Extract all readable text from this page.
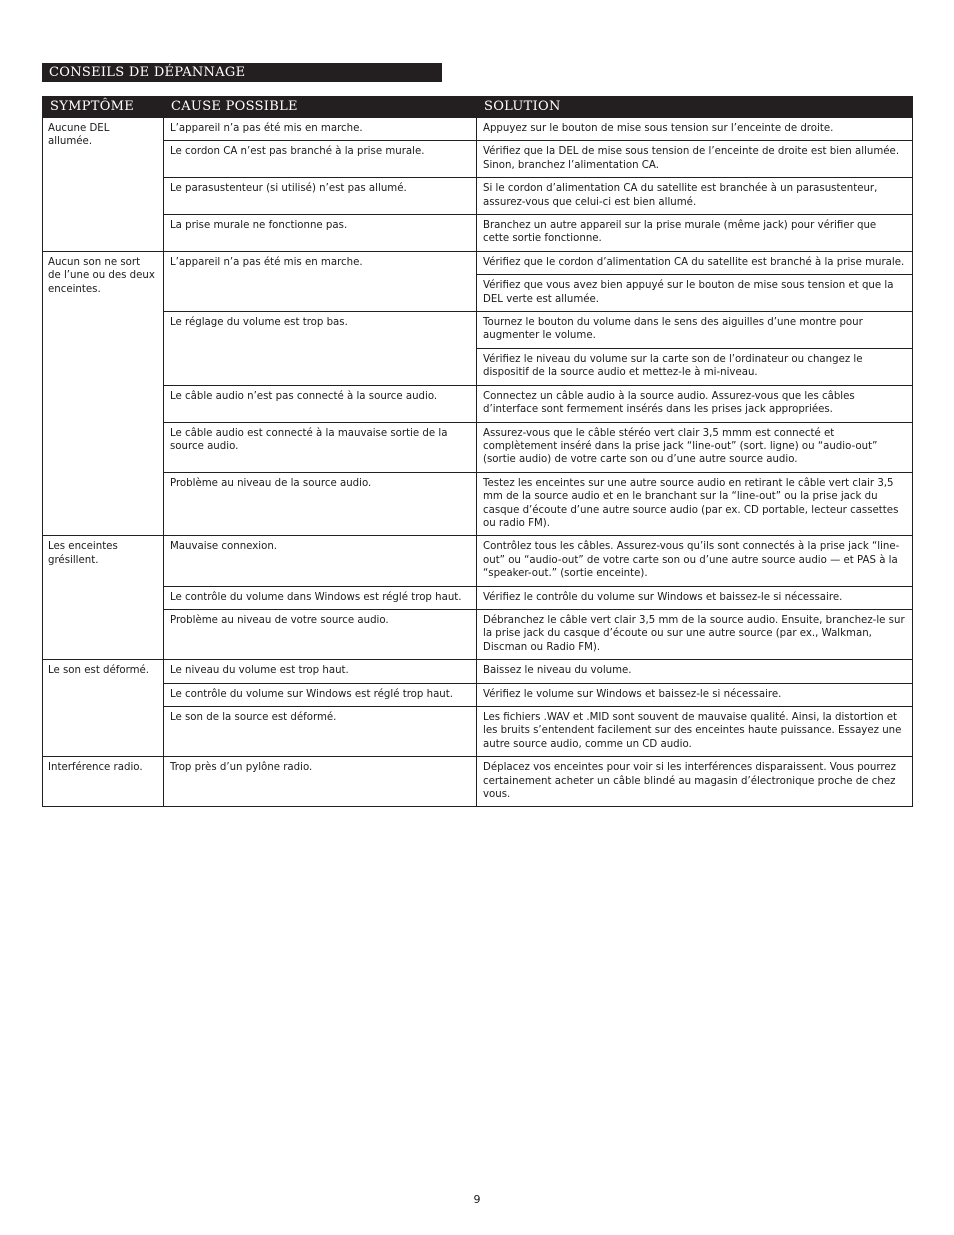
CONSEILS DE DÉPANNAGE
SYMPTÔME	CAUSE POSSIBLE	SOLUTION
Aucune DEL allumée.	L’appareil n’a pas été mis en marche.	Appuyez sur le bouton de mise sous tension sur l’enceinte de droite.
	Le cordon CA n’est pas branché à la prise murale.	Vérifiez que la DEL de mise sous tension de l’enceinte de droite est bien allumée. Sinon, branchez l’alimentation CA.
	Le parasustenteur (si utilisé) n’est pas allumé.	Si le cordon d’alimentation CA du satellite est branchée à un parasustenteur, assurez-vous que celui-ci est bien allumé.
	La prise murale ne fonctionne pas.	Branchez un autre appareil sur la prise murale (même jack) pour vérifier que cette sortie fonctionne.
Aucun son ne sort de l’une ou des deux enceintes.	L’appareil n’a pas été mis en marche.	Vérifiez que le cordon d’alimentation CA du satellite est branché à la prise murale.
		Vérifiez que vous avez bien appuyé sur le bouton de mise sous tension et que la DEL verte est allumée.
	Le réglage du volume est trop bas.	Tournez le bouton du volume dans le sens des aiguilles d’une montre pour augmenter le volume.
		Vérifiez le niveau du volume sur la carte son de l’ordinateur ou changez le dispositif de la source audio et mettez-le à mi-niveau.
	Le câble audio n’est pas connecté à la source audio.	Connectez un câble audio à la source audio. Assurez-vous que les câbles d’interface sont fermement insérés dans les prises jack appropriées.
	Le câble audio est connecté à la mauvaise sortie de la source audio.	Assurez-vous que le câble stéréo vert clair 3,5 mmm est connecté et complètement inséré dans la prise jack “line-out” (sort. ligne) ou “audio-out” (sortie audio) de votre carte son ou d’une autre source audio.
	Problème au niveau de la source audio.	Testez les enceintes sur une autre source audio en retirant le câble vert clair 3,5 mm de la source audio et en le branchant sur la “line-out” ou la prise jack du casque d’écoute d’une autre source audio (par ex. CD portable, lecteur cassettes ou radio FM).
Les enceintes grésillent.	Mauvaise connexion.	Contrôlez tous les câbles. Assurez-vous qu’ils sont connectés à la prise jack “line-out” ou “audio-out” de votre carte son ou d’une autre source audio — et PAS à la “speaker-out.” (sortie enceinte).
	Le contrôle du volume dans Windows est réglé trop haut.	Vérifiez le contrôle du volume sur Windows et baissez-le si nécessaire.
	Problème au niveau de votre source audio.	Débranchez le câble vert clair 3,5 mm de la source audio. Ensuite, branchez-le sur la prise jack du casque d’écoute ou sur une autre source (par ex., Walkman, Discman ou Radio FM).
Le son est déformé.	Le niveau du volume est trop haut.	Baissez le niveau du volume.
	Le contrôle du volume sur Windows est réglé trop haut.	Vérifiez le volume sur Windows et baissez-le si nécessaire.
	Le son de la source est déformé.	Les fichiers .WAV et .MID sont souvent de mauvaise qualité. Ainsi, la distortion et les bruits s’entendent facilement sur des enceintes haute puissance. Essayez une autre source audio, comme un CD audio.
Interférence radio.	Trop près d’un pylône radio.	Déplacez vos enceintes pour voir si les interférences disparaissent. Vous pourrez certainement acheter un câble blindé au magasin d’électronique proche de chez vous.
9
